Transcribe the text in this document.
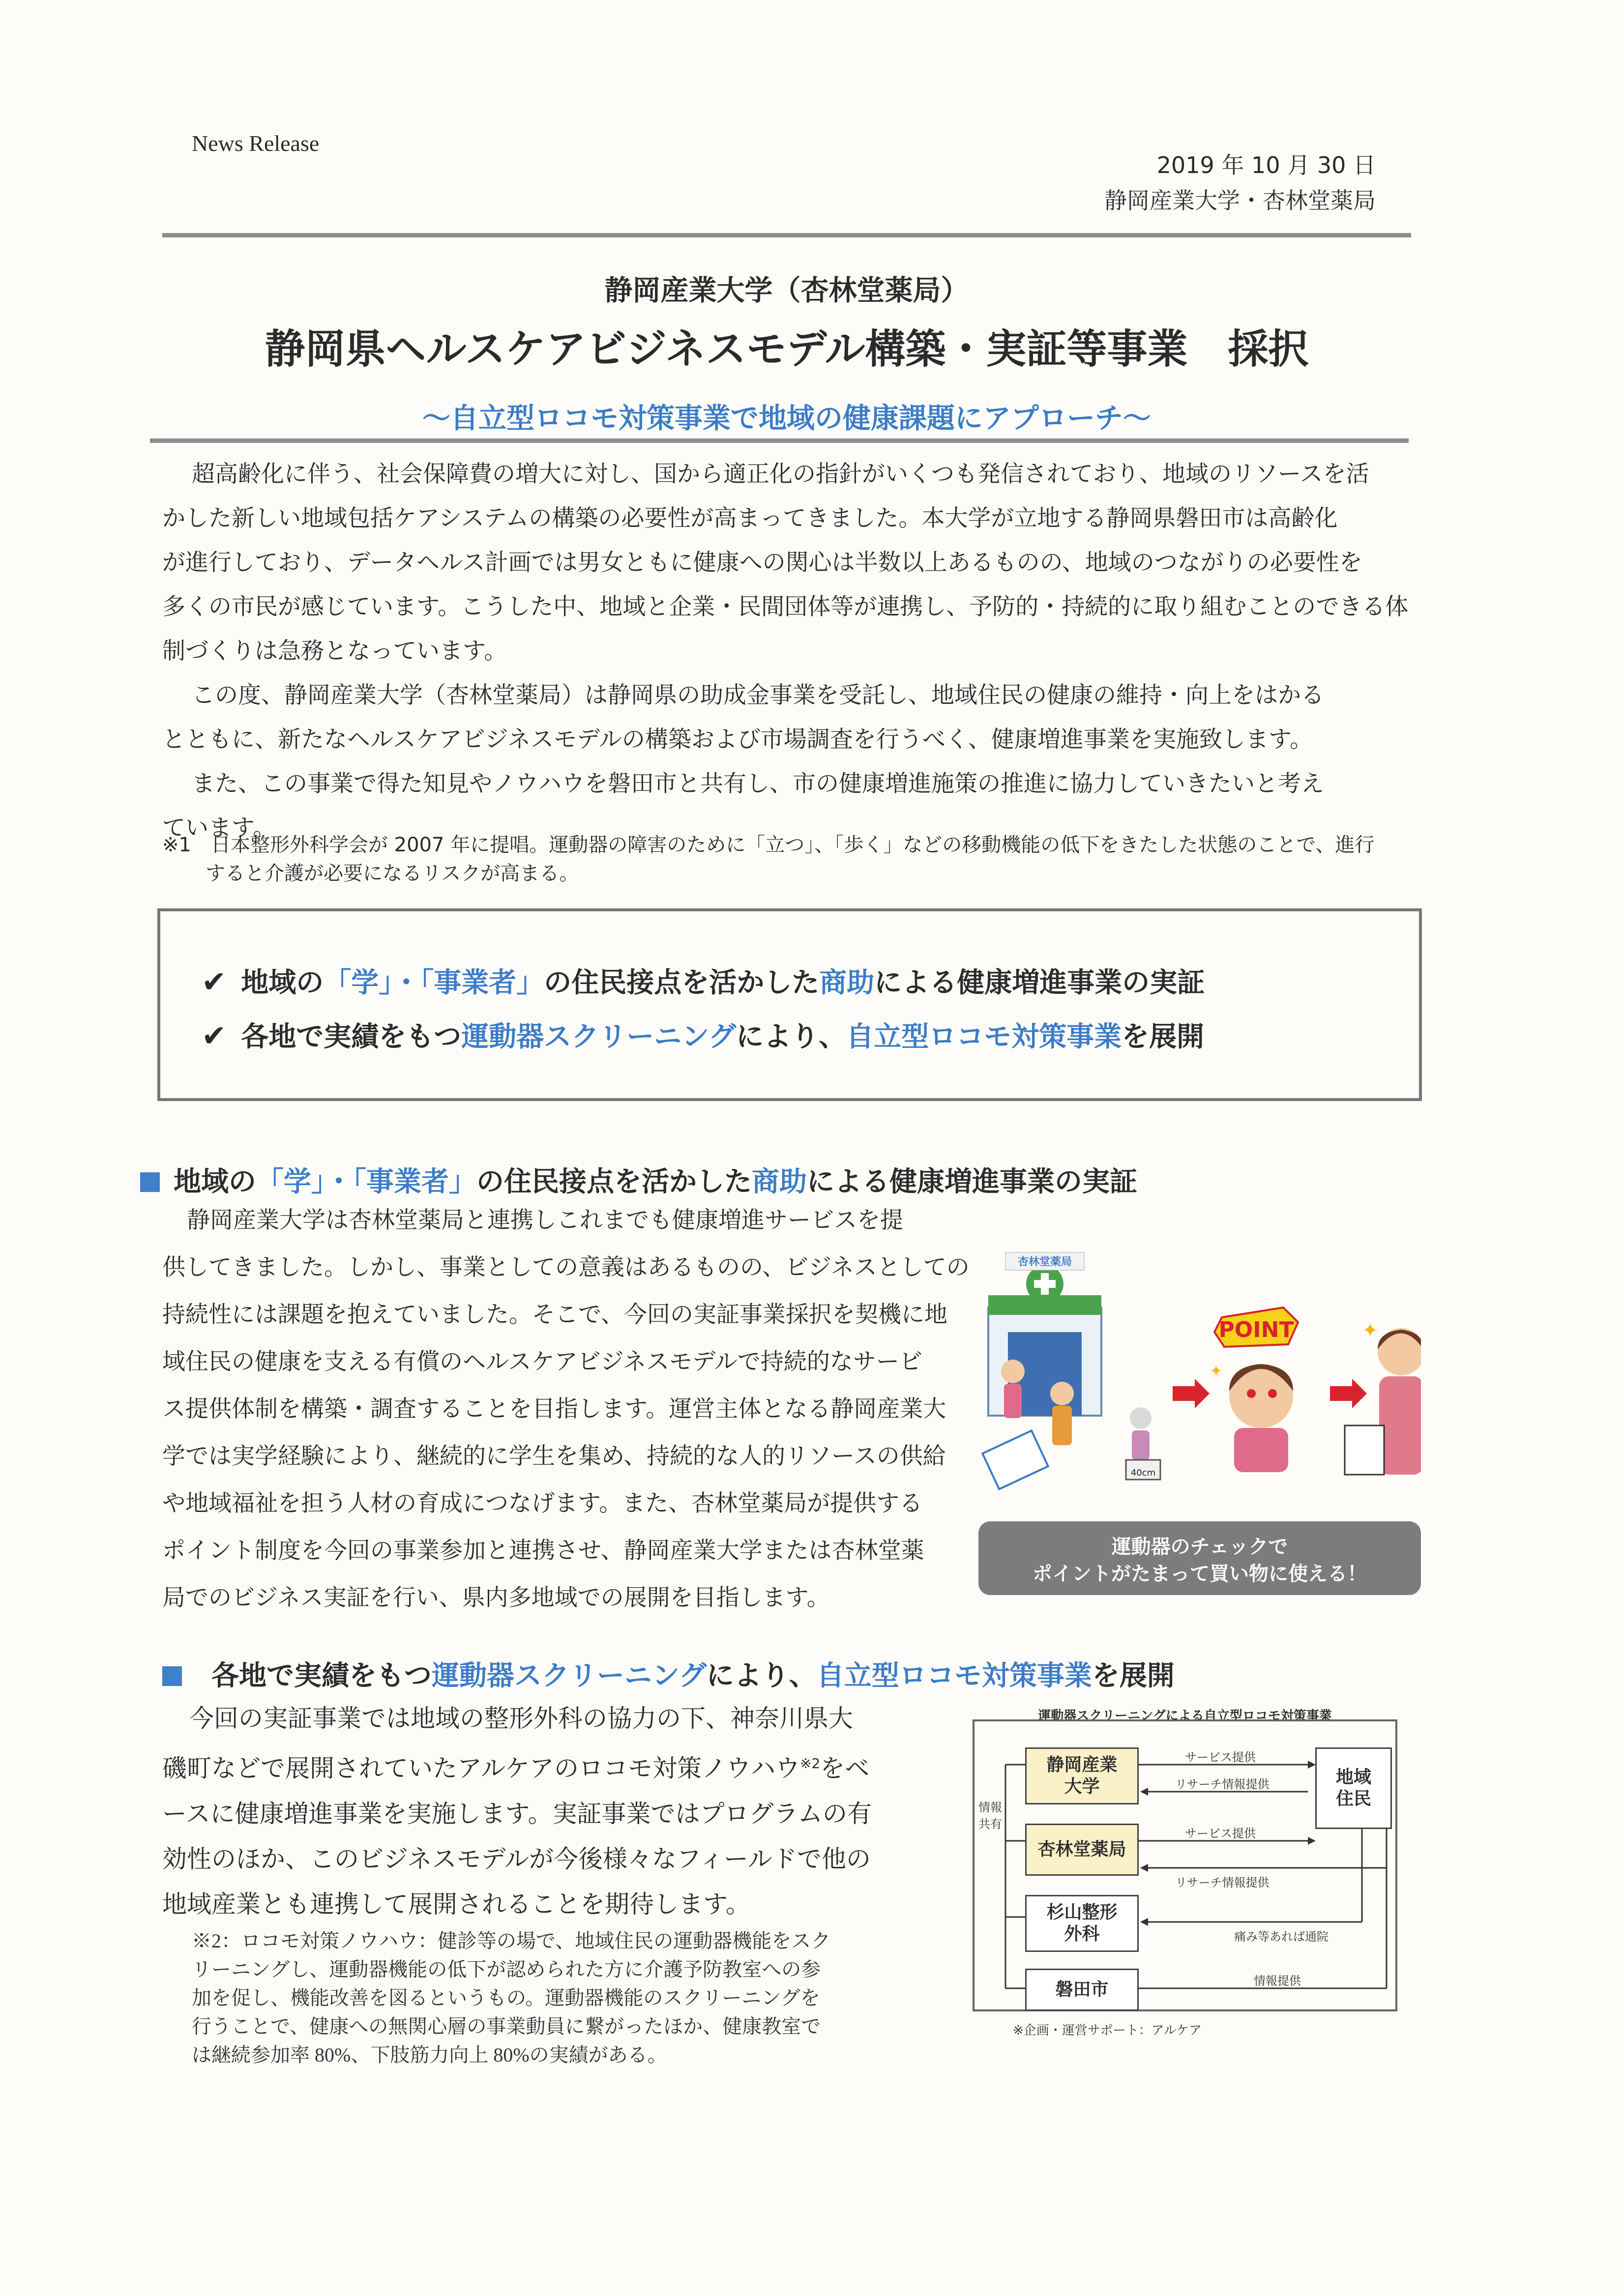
News Release
2019 年 10 月 30 日
静岡産業大学・杏林堂薬局
静岡産業大学（杏林堂薬局）
静岡県ヘルスケアビジネスモデル構築・実証等事業　採択
～自立型ロコモ対策事業で地域の健康課題にアプローチ～

超高齢化に伴う、社会保障費の増大に対し、国から適正化の指針がいくつも発信されており、地域のリソースを活

かした新しい地域包括ケアシステムの構築の必要性が高まってきました。本大学が立地する静岡県磐田市は高齢化

が進行しており、データヘルス計画では男女ともに健康への関心は半数以上あるものの、地域のつながりの必要性を

多くの市民が感じています。こうした中、地域と企業・民間団体等が連携し、予防的・持続的に取り組むことのできる体

制づくりは急務となっています。

この度、静岡産業大学（杏林堂薬局）は静岡県の助成金事業を受託し、地域住民の健康の維持・向上をはかる

とともに、新たなヘルスケアビジネスモデルの構築および市場調査を行うべく、健康増進事業を実施致します。

また、この事業で得た知見やノウハウを磐田市と共有し、市の健康増進施策の推進に協力していきたいと考え

ています。

※1　日本整形外科学会が 2007 年に提唱。運動器の障害のために「立つ」、「歩く」などの移動機能の低下をきたした状態のことで、進行
すると介護が必要になるリスクが高まる。
✔ 地域の「学」・「事業者」の住民接点を活かした商助による健康増進事業の実証
✔ 各地で実績をもつ運動器スクリーニングにより、自立型ロコモ対策事業を展開
地域の「学」・「事業者」の住民接点を活かした商助による健康増進事業の実証

静岡産業大学は杏林堂薬局と連携しこれまでも健康増進サービスを提

供してきました。しかし、事業としての意義はあるものの、ビジネスとしての

持続性には課題を抱えていました。そこで、今回の実証事業採択を契機に地

域住民の健康を支える有償のヘルスケアビジネスモデルで持続的なサービ

ス提供体制を構築・調査することを目指します。運営主体となる静岡産業大

学では実学経験により、継続的に学生を集め、持続的な人的リソースの供給

や地域福祉を担う人材の育成につなげます。また、杏林堂薬局が提供する

ポイント制度を今回の事業参加と連携させ、静岡産業大学または杏林堂薬

局でのビジネス実証を行い、県内多地域での展開を目指します。

40cm
POINT	✦
✦
杏林堂薬局
運動器のチェックで
ポイントがたまって買い物に使える！
各地で実績をもつ運動器スクリーニングにより、自立型ロコモ対策事業を展開

今回の実証事業では地域の整形外科の協力の下、神奈川県大

磯町などで展開されていたアルケアのロコモ対策ノウハウ$^{※2}$をベ

ースに健康増進事業を実施します。実証事業ではプログラムの有

効性のほか、このビジネスモデルが今後様々なフィールドで他の

地域産業とも連携して展開されることを期待します。

※2：ロコモ対策ノウハウ：健診等の場で、地域住民の運動器機能をスク
リーニングし、運動器機能の低下が認められた方に介護予防教室への参
加を促し、機能改善を図るというもの。運動器機能のスクリーニングを
行うことで、健康への無関心層の事業動員に繋がったほか、健康教室で
は継続参加率 80%、下肢筋力向上 80%の実績がある。
運動器スクリーニングによる自立型ロコモ対策事業
静岡産業
大学
杏林堂薬局
杉山整形
外科
磐田市
地域
住民
サービス提供
リサーチ情報提供
サービス提供
リサーチ情報提供
痛み等あれば通院
情報提供
情報
共有
※企画・運営サポート：アルケア
